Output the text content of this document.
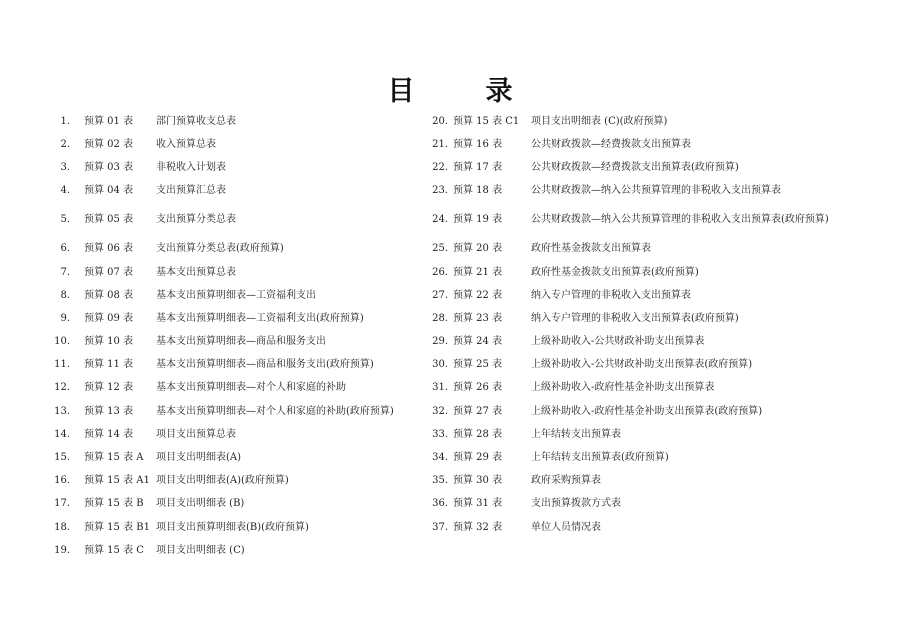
目　录
1. 预算 01 表 部门预算收支总表
2. 预算 02 表 收入预算总表
3. 预算 03 表 非税收入计划表
4. 预算 04 表 支出预算汇总表
5. 预算 05 表 支出预算分类总表
6. 预算 06 表 支出预算分类总表(政府预算)
7. 预算 07 表 基本支出预算总表
8. 预算 08 表 基本支出预算明细表—工资福利支出
9. 预算 09 表 基本支出预算明细表—工资福利支出(政府预算)
10. 预算 10 表 基本支出预算明细表—商品和服务支出
11. 预算 11 表 基本支出预算明细表—商品和服务支出(政府预算)
12. 预算 12 表 基本支出预算明细表—对个人和家庭的补助
13. 预算 13 表 基本支出预算明细表—对个人和家庭的补助(政府预算)
14. 预算 14 表 项目支出预算总表
15. 预算 15 表 A 项目支出明细表(A)
16. 预算 15 表 A1 项目支出明细表(A)(政府预算)
17. 预算 15 表 B 项目支出明细表 (B)
18. 预算 15 表 B1 项目支出预算明细表(B)(政府预算)
19. 预算 15 表 C 项目支出明细表 (C)
20. 预算 15 表 C1 项目支出明细表 (C)(政府预算)
21. 预算 16 表	公共财政拨款—经费拨款支出预算表
22. 预算 17 表	公共财政拨款—经费拨款支出预算表(政府预算)
23. 预算 18 表	公共财政拨款—纳入公共预算管理的非税收入支出预算表
24. 预算 19 表	公共财政拨款—纳入公共预算管理的非税收入支出预算表(政府预算)
25. 预算 20 表	政府性基金拨款支出预算表
26. 预算 21 表	政府性基金拨款支出预算表(政府预算)
27. 预算 22 表	纳入专户管理的非税收入支出预算表
28. 预算 23 表	纳入专户管理的非税收入支出预算表(政府预算)
29. 预算 24 表	上级补助收入-公共财政补助支出预算表
30. 预算 25 表	上级补助收入-公共财政补助支出预算表(政府预算)
31. 预算 26 表	上级补助收入-政府性基金补助支出预算表
32. 预算 27 表	上级补助收入-政府性基金补助支出预算表(政府预算)
33. 预算 28 表	上年结转支出预算表
34. 预算 29 表	上年结转支出预算表(政府预算)
35. 预算 30 表	政府采购预算表
36. 预算 31 表	支出预算拨款方式表
37. 预算 32 表	单位人员情况表
